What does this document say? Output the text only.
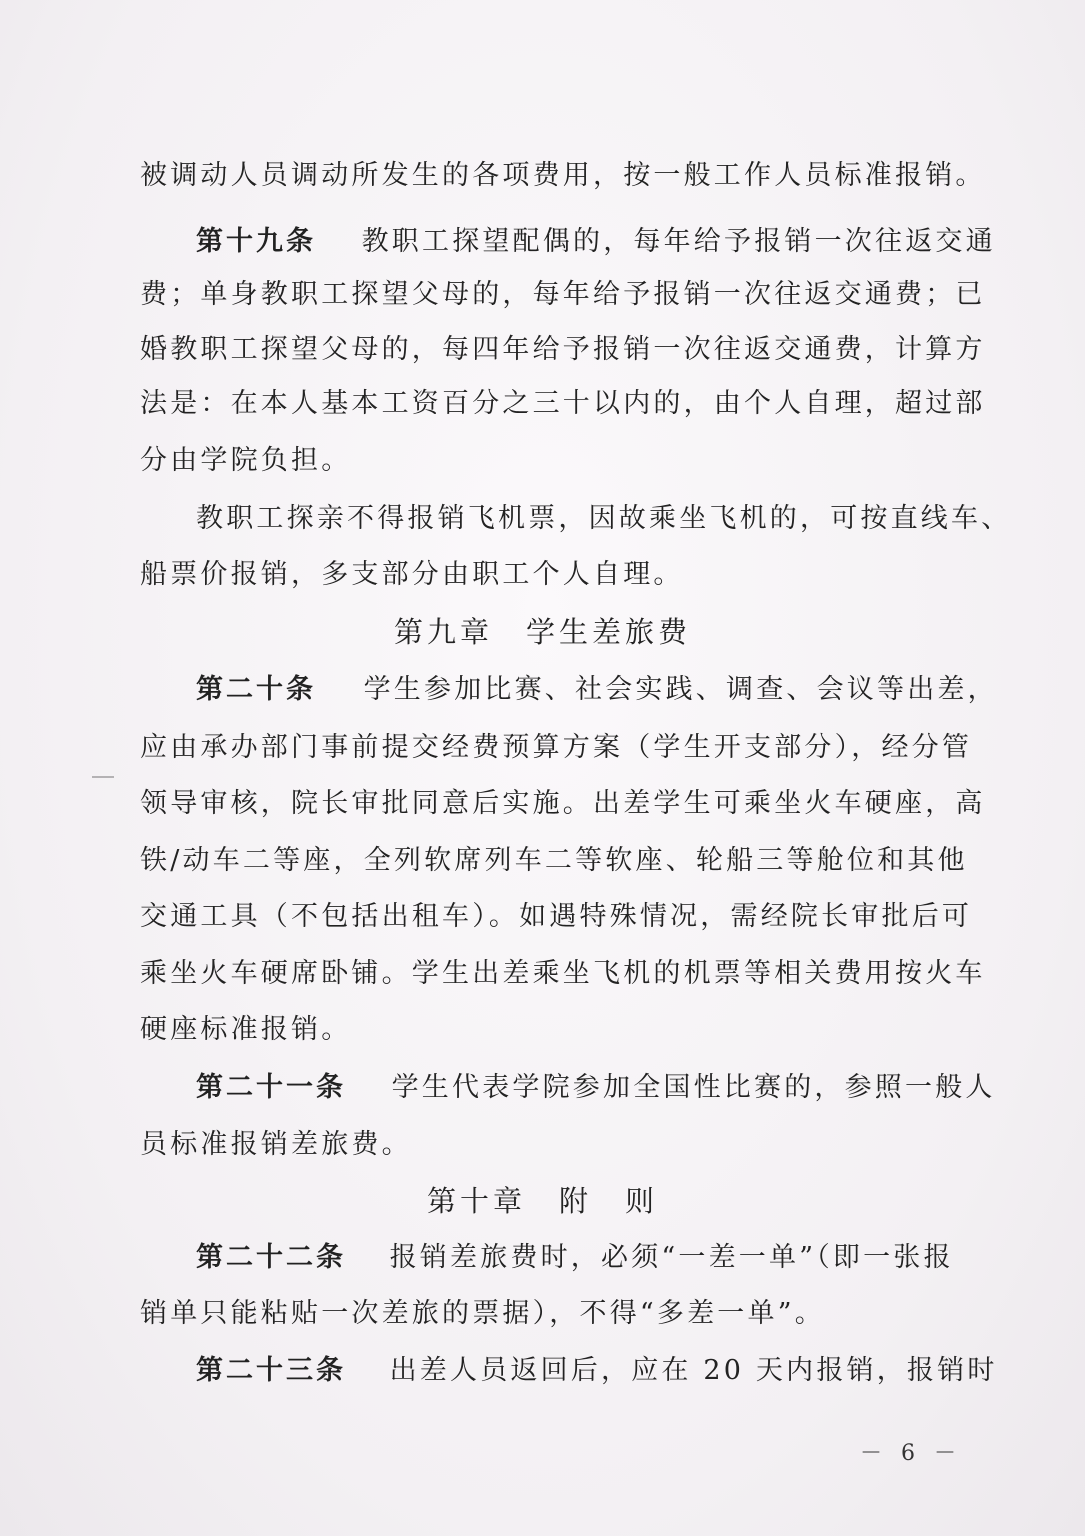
被调动人员调动所发生的各项费用，按一般工作人员标准报销。
第十九条 教职工探望配偶的，每年给予报销一次往返交通
费；单身教职工探望父母的，每年给予报销一次往返交通费；已
婚教职工探望父母的，每四年给予报销一次往返交通费，计算方
法是：在本人基本工资百分之三十以内的，由个人自理，超过部
分由学院负担。
教职工探亲不得报销飞机票，因故乘坐飞机的，可按直线车、
船票价报销，多支部分由职工个人自理。
第九章　学生差旅费
第二十条 学生参加比赛、社会实践、调查、会议等出差，
应由承办部门事前提交经费预算方案（学生开支部分），经分管
领导审核，院长审批同意后实施。出差学生可乘坐火车硬座，高
铁/动车二等座，全列软席列车二等软座、轮船三等舱位和其他
交通工具（不包括出租车）。如遇特殊情况，需经院长审批后可
乘坐火车硬席卧铺。学生出差乘坐飞机的机票等相关费用按火车
硬座标准报销。
第二十一条 学生代表学院参加全国性比赛的，参照一般人
员标准报销差旅费。
第十章　附　则
第二十二条 报销差旅费时，必须“一差一单”（即一张报
销单只能粘贴一次差旅的票据），不得“多差一单”。
第二十三条 出差人员返回后，应在 20 天内报销，报销时
－ 6 －
